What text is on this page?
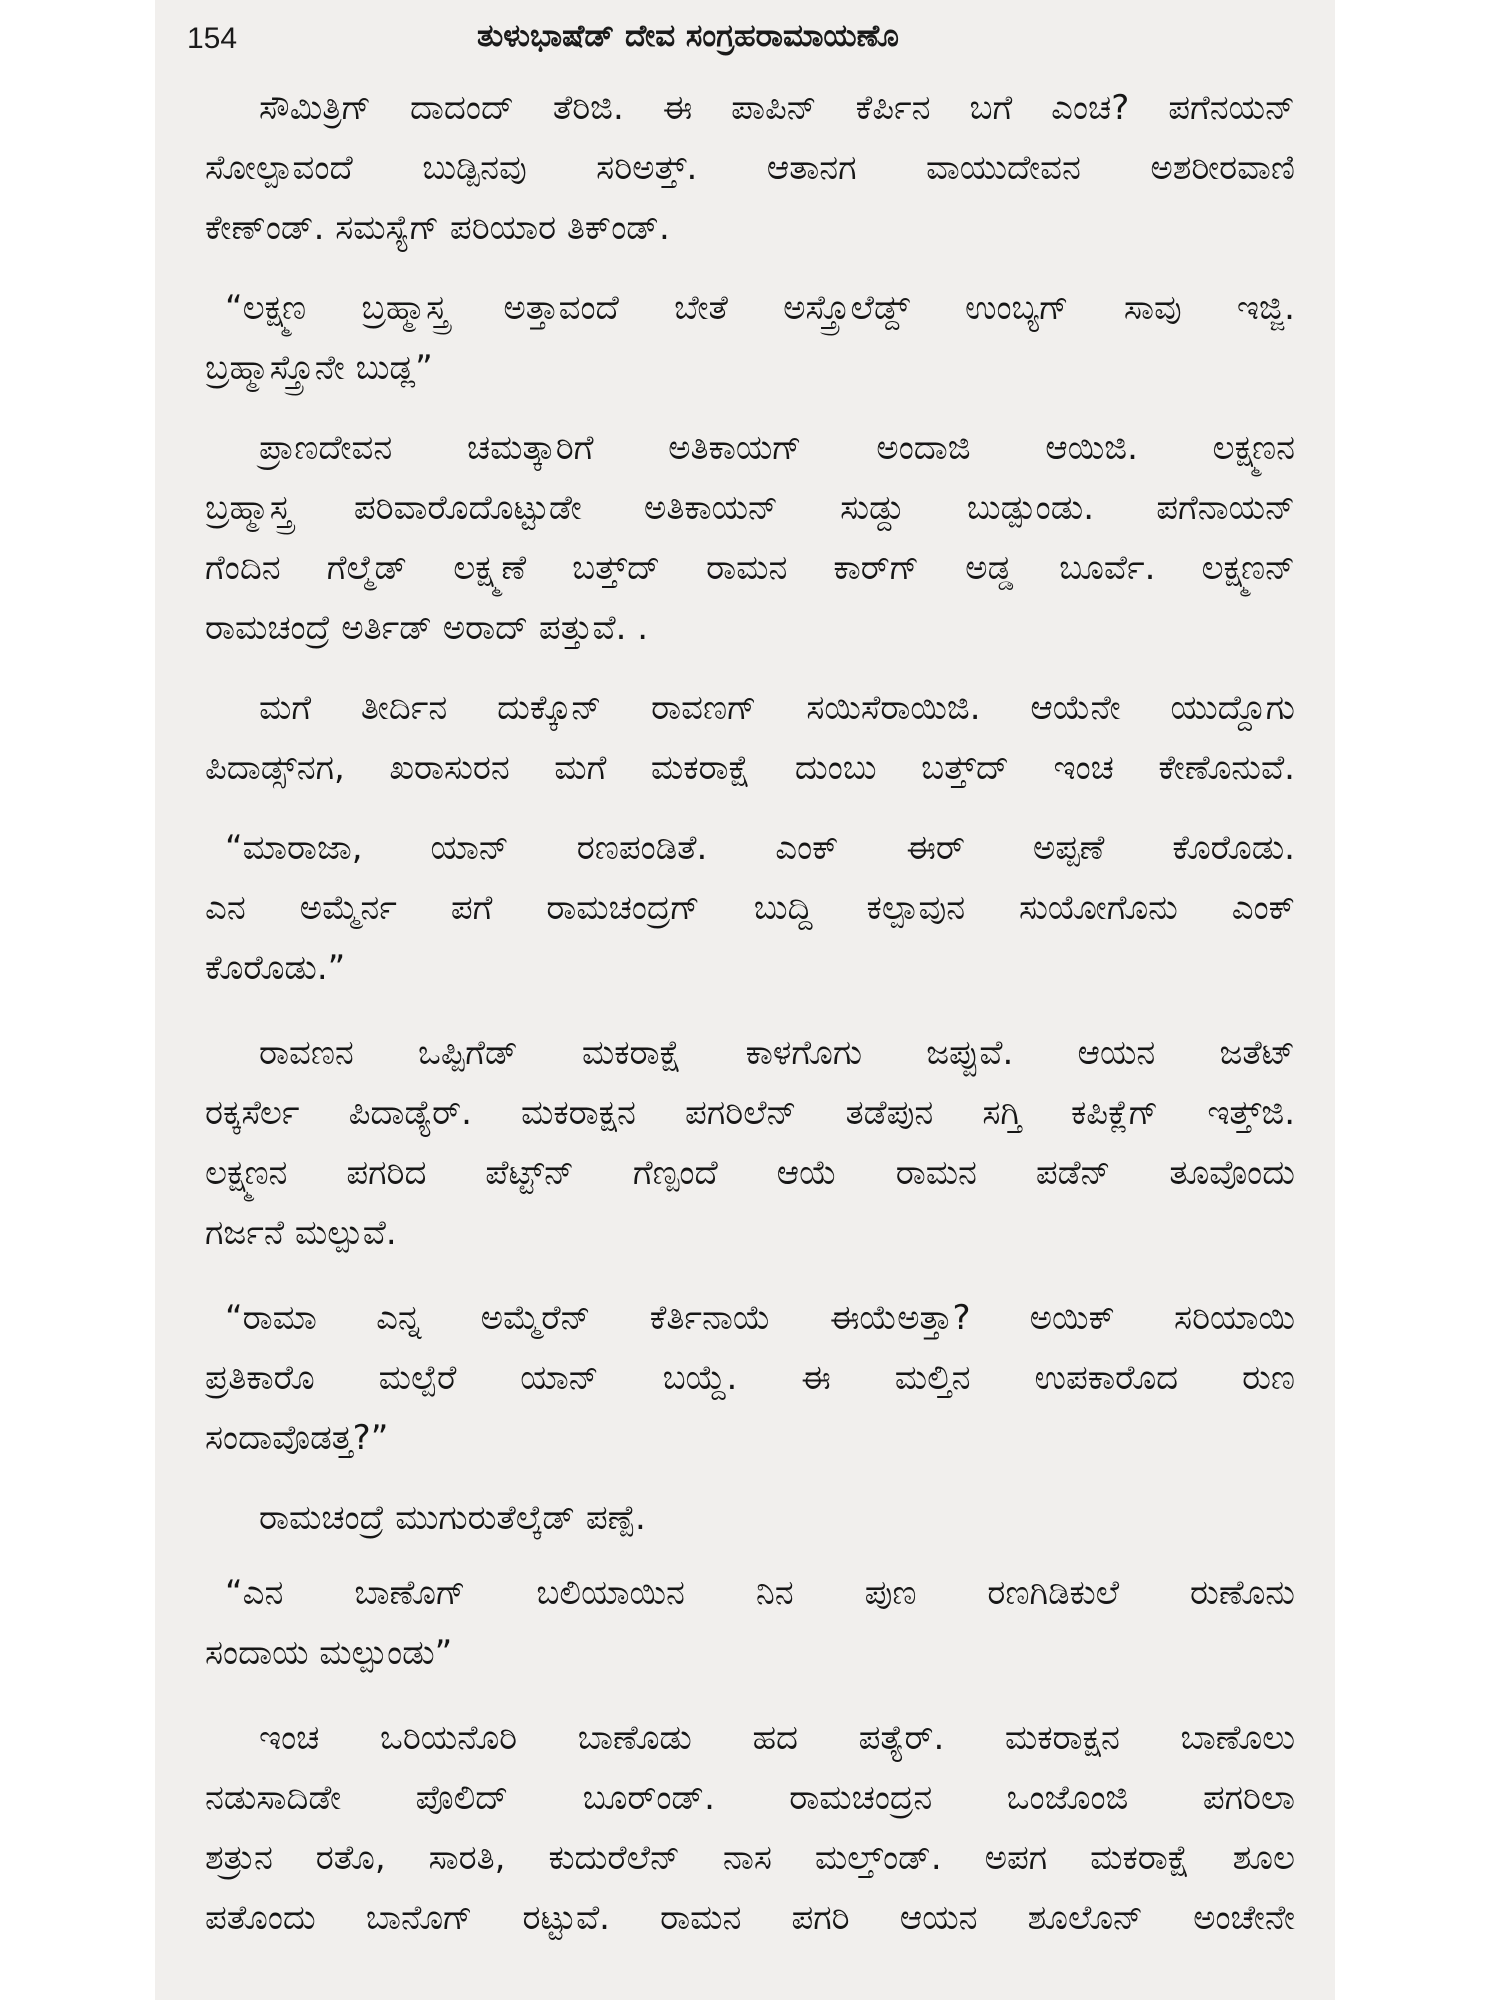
154	ತುಳುಭಾಷೆಡ್ ದೇವ ಸಂಗ್ರಹರಾಮಾಯಣೊ
ಸೌಮಿತ್ರಿಗ್ ದಾದಂದ್ ತೆರಿಜಿ. ಈ ಪಾಪಿನ್ ಕೆರ್ಪಿನ ಬಗೆ ಎಂಚ? ಪಗೆನಯನ್
ಸೋಲ್ಪಾವಂದೆ ಬುಡ್ಪಿನವು ಸರಿಅತ್ತ್. ಆತಾನಗ ವಾಯುದೇವನ ಅಶರೀರವಾಣಿ
ಕೇಣ್ಂಡ್. ಸಮಸ್ಯೆಗ್ ಪರಿಯಾರ ತಿಕ್ಂಡ್.
“ಲಕ್ಷ್ಮಣ ಬ್ರಹ್ಮಾಸ್ತ್ರ ಅತ್ತಾವಂದೆ ಬೇತೆ ಅಸ್ತ್ರೊಲೆಡ್ದ್ ಉಂಬ್ಯಗ್ ಸಾವು ಇಜ್ಜಿ.
ಬ್ರಹ್ಮಾಸ್ತ್ರೊನೇ ಬುಡ್ಲ”
ಪ್ರಾಣದೇವನ ಚಮತ್ಕಾರಿಗೆ ಅತಿಕಾಯಗ್ ಅಂದಾಜಿ ಆಯಿಜಿ. ಲಕ್ಷ್ಮಣನ
ಬ್ರಹ್ಮಾಸ್ತ್ರ ಪರಿವಾರೊದೊಟ್ಟುಡೇ ಅತಿಕಾಯನ್ ಸುಡ್ದು ಬುಡ್ಪುಂಡು. ಪಗೆನಾಯನ್
ಗೆಂದಿನ ಗೆಲ್ಮೆಡ್ ಲಕ್ಷ್ಮಣೆ ಬತ್ತ್‌ದ್ ರಾಮನ ಕಾರ್‌ಗ್ ಅಡ್ಡ ಬೂರ್ವೆ. ಲಕ್ಷ್ಮಣನ್
ರಾಮಚಂದ್ರೆ ಅರ್ತಿಡ್ ಅರಾದ್ ಪತ್ತುವೆ. .
ಮಗೆ ತೀರ್ದಿನ ದುಕ್ಕೊನ್ ರಾವಣಗ್ ಸಯಿಸೆರಾಯಿಜಿ. ಆಯೆನೇ ಯುದ್ದೊಗು
ಪಿದಾಡ್ಸ್‌ನಗ, ಖರಾಸುರನ ಮಗೆ ಮಕರಾಕ್ಷೆ ದುಂಬು ಬತ್ತ್‌ದ್ ಇಂಚ ಕೇಣೊನುವೆ.
“ಮಾರಾಜಾ, ಯಾನ್ ರಣಪಂಡಿತೆ. ಎಂಕ್ ಈರ್ ಅಪ್ಪಣೆ ಕೊರೊಡು.
ಎನ ಅಮ್ಮೆರ್ನ ಪಗೆ ರಾಮಚಂದ್ರಗ್ ಬುದ್ದಿ ಕಲ್ಪಾವುನ ಸುಯೋಗೊನು ಎಂಕ್
ಕೊರೊಡು.”
ರಾವಣನ ಒಪ್ಪಿಗೆಡ್ ಮಕರಾಕ್ಷೆ ಕಾಳಗೊಗು ಜಪ್ಪುವೆ. ಆಯನ ಜತೆಟ್
ರಕ್ಕಸೆರ್ಲ ಪಿದಾಡ್ಯೆರ್. ಮಕರಾಕ್ಷನ ಪಗರಿಲೆನ್ ತಡೆಪುನ ಸಗ್ತಿ ಕಪಿಕ್ಲೆಗ್ ಇತ್ತ್‌ಜಿ.
ಲಕ್ಷ್ಮಣನ ಪಗರಿದ ಪೆಟ್ಟ್‌ನ್ ಗೆಣ್ಪಂದೆ ಆಯೆ ರಾಮನ ಪಡೆನ್ ತೂವೊಂದು
ಗರ್ಜನೆ ಮಲ್ಪುವೆ.
“ರಾಮಾ ಎನ್ನ ಅಮ್ಮೆರೆನ್ ಕೆರ್ತಿನಾಯೆ ಈಯೆಅತ್ತಾ? ಅಯಿಕ್ ಸರಿಯಾಯಿ
ಪ್ರತಿಕಾರೊ ಮಲ್ಪೆರೆ ಯಾನ್ ಬಯ್ದೆ. ಈ ಮಲ್ತಿನ ಉಪಕಾರೊದ ರುಣ
ಸಂದಾವೊಡತ್ತ?”
ರಾಮಚಂದ್ರೆ ಮುಗುರುತೆಲ್ಕೆಡ್ ಪಣ್ಪೆ.
“ಎನ ಬಾಣೊಗ್ ಬಲಿಯಾಯಿನ ನಿನ ಪುಣ ರಣಗಿಡಿಕುಲೆ ರುಣೊನು
ಸಂದಾಯ ಮಲ್ಪುಂಡು”
ಇಂಚ ಒರಿಯನೊರಿ ಬಾಣೊಡು ಹದ ಪತ್ಯೆರ್. ಮಕರಾಕ್ಷನ ಬಾಣೊಲು
ನಡುಸಾದಿಡೇ ಪೊಲಿದ್ ಬೂರ್ಂಡ್. ರಾಮಚಂದ್ರನ ಒಂಜೊಂಜಿ ಪಗರಿಲಾ
ಶತ್ರುನ ರತೊ, ಸಾರತಿ, ಕುದುರೆಲೆನ್ ನಾಸ ಮಲ್ತ್ಂಡ್. ಅಪಗ ಮಕರಾಕ್ಷೆ ಶೂಲ
ಪತೊಂದು ಬಾನೊಗ್ ರಟ್ಟುವೆ. ರಾಮನ ಪಗರಿ ಆಯನ ಶೂಲೊನ್ ಅಂಚೇನೇ
